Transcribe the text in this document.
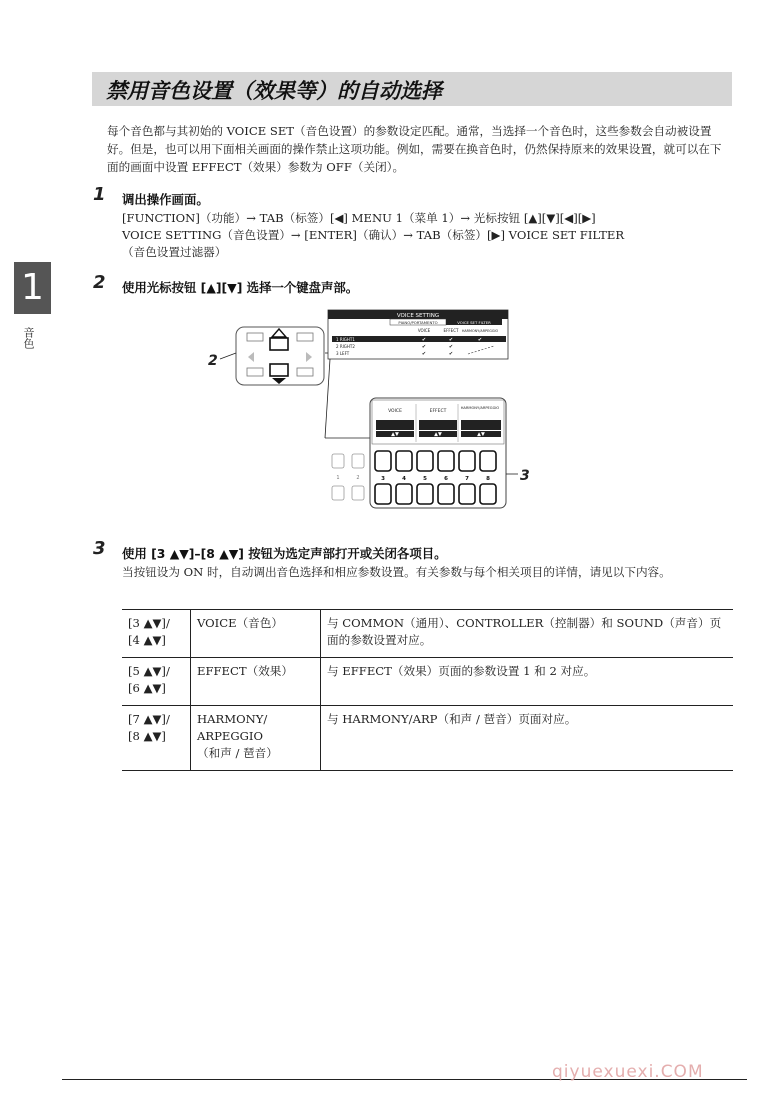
禁用音色设置（效果等）的自动选择
1
音色
每个音色都与其初始的 VOICE SET（音色设置）的参数设定匹配。通常，当选择一个音色时，这些参数会自动被设置好。但是，也可以用下面相关画面的操作禁止这项功能。例如，需要在换音色时，仍然保持原来的效果设置，就可以在下面的画面中设置 EFFECT（效果）参数为 OFF（关闭）。
1 调出操作画面。
[FUNCTION]（功能）→ TAB（标签）[◀] MENU 1（菜单 1）→ 光标按钮 [▲][▼][◀][▶]
VOICE SETTING（音色设置）→ [ENTER]（确认）→ TAB（标签）[▶] VOICE SET FILTER
（音色设置过滤器）
2 使用光标按钮 [▲][▼] 选择一个键盘声部。
2
VOICE SETTING
PIANO/PORTAMENTO	VOICE SET FILTER
VOICE	EFFECT HARMONY/ARPEGGIO
1 RIGHT1
2 RIGHT2
3 LEFT
✔	✔	✔
✔	✔
✔	✔
VOICE	EFFECT
HARMONY/ARPEGGIO
▲▼	▲▼	▲▼
1	2	3	4	5	6	7	8 3
3 使用 [3 ▲▼]–[8 ▲▼] 按钮为选定声部打开或关闭各项目。
当按钮设为 ON 时，自动调出音色选择和相应参数设置。有关参数与每个相关项目的详情，请见以下内容。
[3 ▲▼]/
[4 ▲▼]	VOICE（音色）	与 COMMON（通用）、CONTROLLER（控制器）和 SOUND（声音）页面的参数设置对应。
[5 ▲▼]/
[6 ▲▼]	EFFECT（效果）	与 EFFECT（效果）页面的参数设置 1 和 2 对应。
[7 ▲▼]/
[8 ▲▼]	HARMONY/
ARPEGGIO
（和声 / 琶音）	与 HARMONY/ARP（和声 / 琶音）页面对应。
qiyuexuexi.COM
